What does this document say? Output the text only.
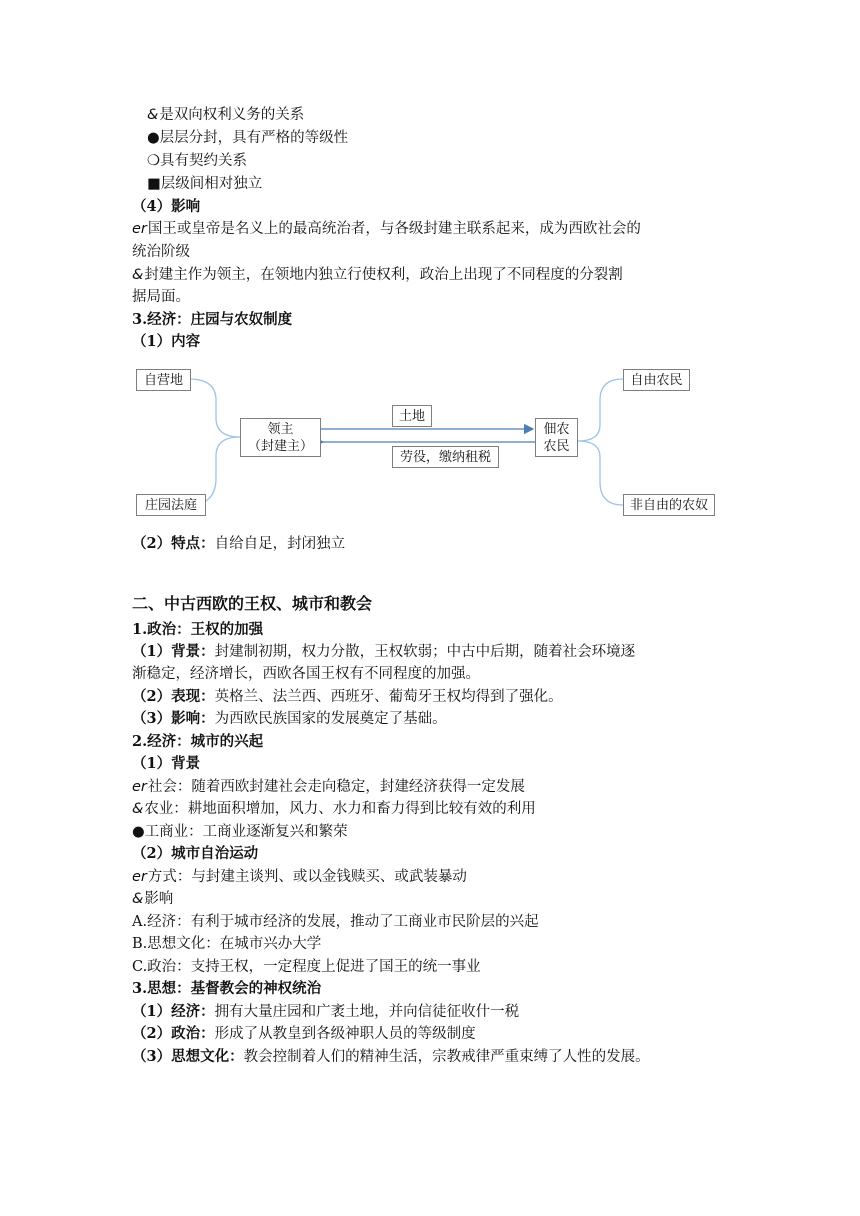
&是双向权利义务的关系
●层层分封，具有严格的等级性
❍具有契约关系
■层级间相对独立
（4）影响
er国王或皇帝是名义上的最高统治者，与各级封建主联系起来，成为西欧社会的
统治阶级
&封建主作为领主，在领地内独立行使权利，政治上出现了不同程度的分裂割
据局面。
3.经济：庄园与农奴制度
（1）内容
自营地
庄园法庭
领主
（封建主）
土地
劳役，缴纳租税
佃农
农民
自由农民
非自由的农奴
（2）特点：自给自足，封闭独立
二、中古西欧的王权、城市和教会
1.政治：王权的加强
（1）背景：封建制初期，权力分散，王权软弱；中古中后期，随着社会环境逐
渐稳定，经济增长，西欧各国王权有不同程度的加强。
（2）表现：英格兰、法兰西、西班牙、葡萄牙王权均得到了强化。
（3）影响：为西欧民族国家的发展奠定了基础。
2.经济：城市的兴起
（1）背景
er社会：随着西欧封建社会走向稳定，封建经济获得一定发展
&农业：耕地面积增加，风力、水力和畜力得到比较有效的利用
●工商业：工商业逐渐复兴和繁荣
（2）城市自治运动
er方式：与封建主谈判、或以金钱赎买、或武装暴动
&影响
A.经济：有利于城市经济的发展，推动了工商业市民阶层的兴起
B.思想文化：在城市兴办大学
C.政治：支持王权，一定程度上促进了国王的统一事业
3.思想：基督教会的神权统治
（1）经济：拥有大量庄园和广袤土地，并向信徒征收什一税
（2）政治：形成了从教皇到各级神职人员的等级制度
（3）思想文化：教会控制着人们的精神生活，宗教戒律严重束缚了人性的发展。
